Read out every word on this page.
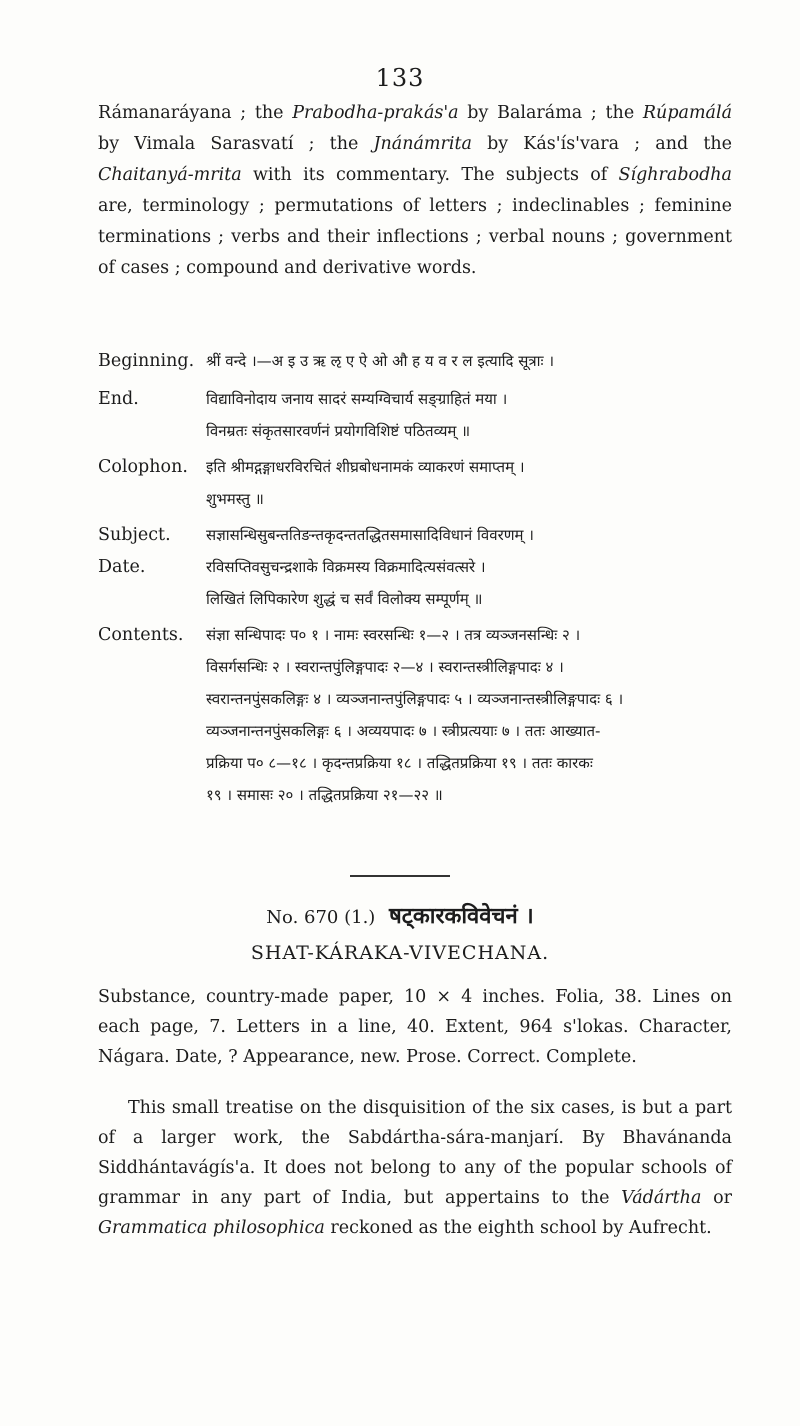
133

Rámanaráyana ; the Prabodha-prakás'a by Balaráma ; the Rúpamálá by Vimala Sarasvatí ; the Jnánámrita by Kás'ís'vara ; and the Chaitanyá-mrita with its commentary. The subjects of Síghrabodha are, terminology ; permutations of letters ; indeclinables ; feminine terminations ; verbs and their inflections ; verbal nouns ; government of cases ; compound and derivative words.

Beginning. श्रीं वन्दे ।—अ इ उ ऋ ऌ ए ऐ ओ औ ह य व र ल इत्यादि सूत्राः ।
End.	विद्याविनोदाय जनाय सादरं सम्यग्विचार्य सङ्ग्राहितं मया ।
विनम्रतः संकृतसारवर्णनं प्रयोगविशिष्टं पठितव्यम् ॥
Colophon.	इति श्रीमद्गङ्गाधरविरचितं शीघ्रबोधनामकं व्याकरणं समाप्तम् ।
शुभमस्तु ॥
Subject.	सज्ञासन्धिसुबन्ततिङन्तकृदन्ततद्धितसमासादिविधानं विवरणम् ।
Date.	रविसप्तिवसुचन्द्रशाके विक्रमस्य विक्रमादित्यसंवत्सरे ।
लिखितं लिपिकारेण शुद्धं च सर्वं विलोक्य सम्पूर्णम् ॥
Contents.	संज्ञा सन्धिपादः प० १ । नामः स्वरसन्धिः १—२ । तत्र व्यञ्जनसन्धिः २ ।
विसर्गसन्धिः २ । स्वरान्तपुंलिङ्गपादः २—४ । स्वरान्तस्त्रीलिङ्गपादः ४ ।
स्वरान्तनपुंसकलिङ्गः ४ । व्यञ्जनान्तपुंलिङ्गपादः ५ । व्यञ्जनान्तस्त्रीलिङ्गपादः ६ ।
व्यञ्जनान्तनपुंसकलिङ्गः ६ । अव्ययपादः ७ । स्त्रीप्रत्ययाः ७ । ततः आख्यात-
प्रक्रिया प० ८—१८ । कृदन्तप्रक्रिया १८ । तद्धितप्रक्रिया १९ । ततः कारकः
१९ । समासः २० । तद्धितप्रक्रिया २१—२२ ॥
No. 670 (1.) षट्कारकविवेचनं ।
SHAT-KÁRAKA-VIVECHANA.

Substance, country-made paper, 10 × 4 inches. Folia, 38. Lines on each page, 7. Letters in a line, 40. Extent, 964 s'lokas. Character, Nágara. Date, ? Appearance, new. Prose. Correct. Complete.

This small treatise on the disquisition of the six cases, is but a part of a larger work, the Sabdártha-sára-manjarí. By Bhavánanda Siddhántavágís'a. It does not belong to any of the popular schools of grammar in any part of India, but appertains to the Vádártha or Grammatica philosophica reckoned as the eighth school by Aufrecht.
